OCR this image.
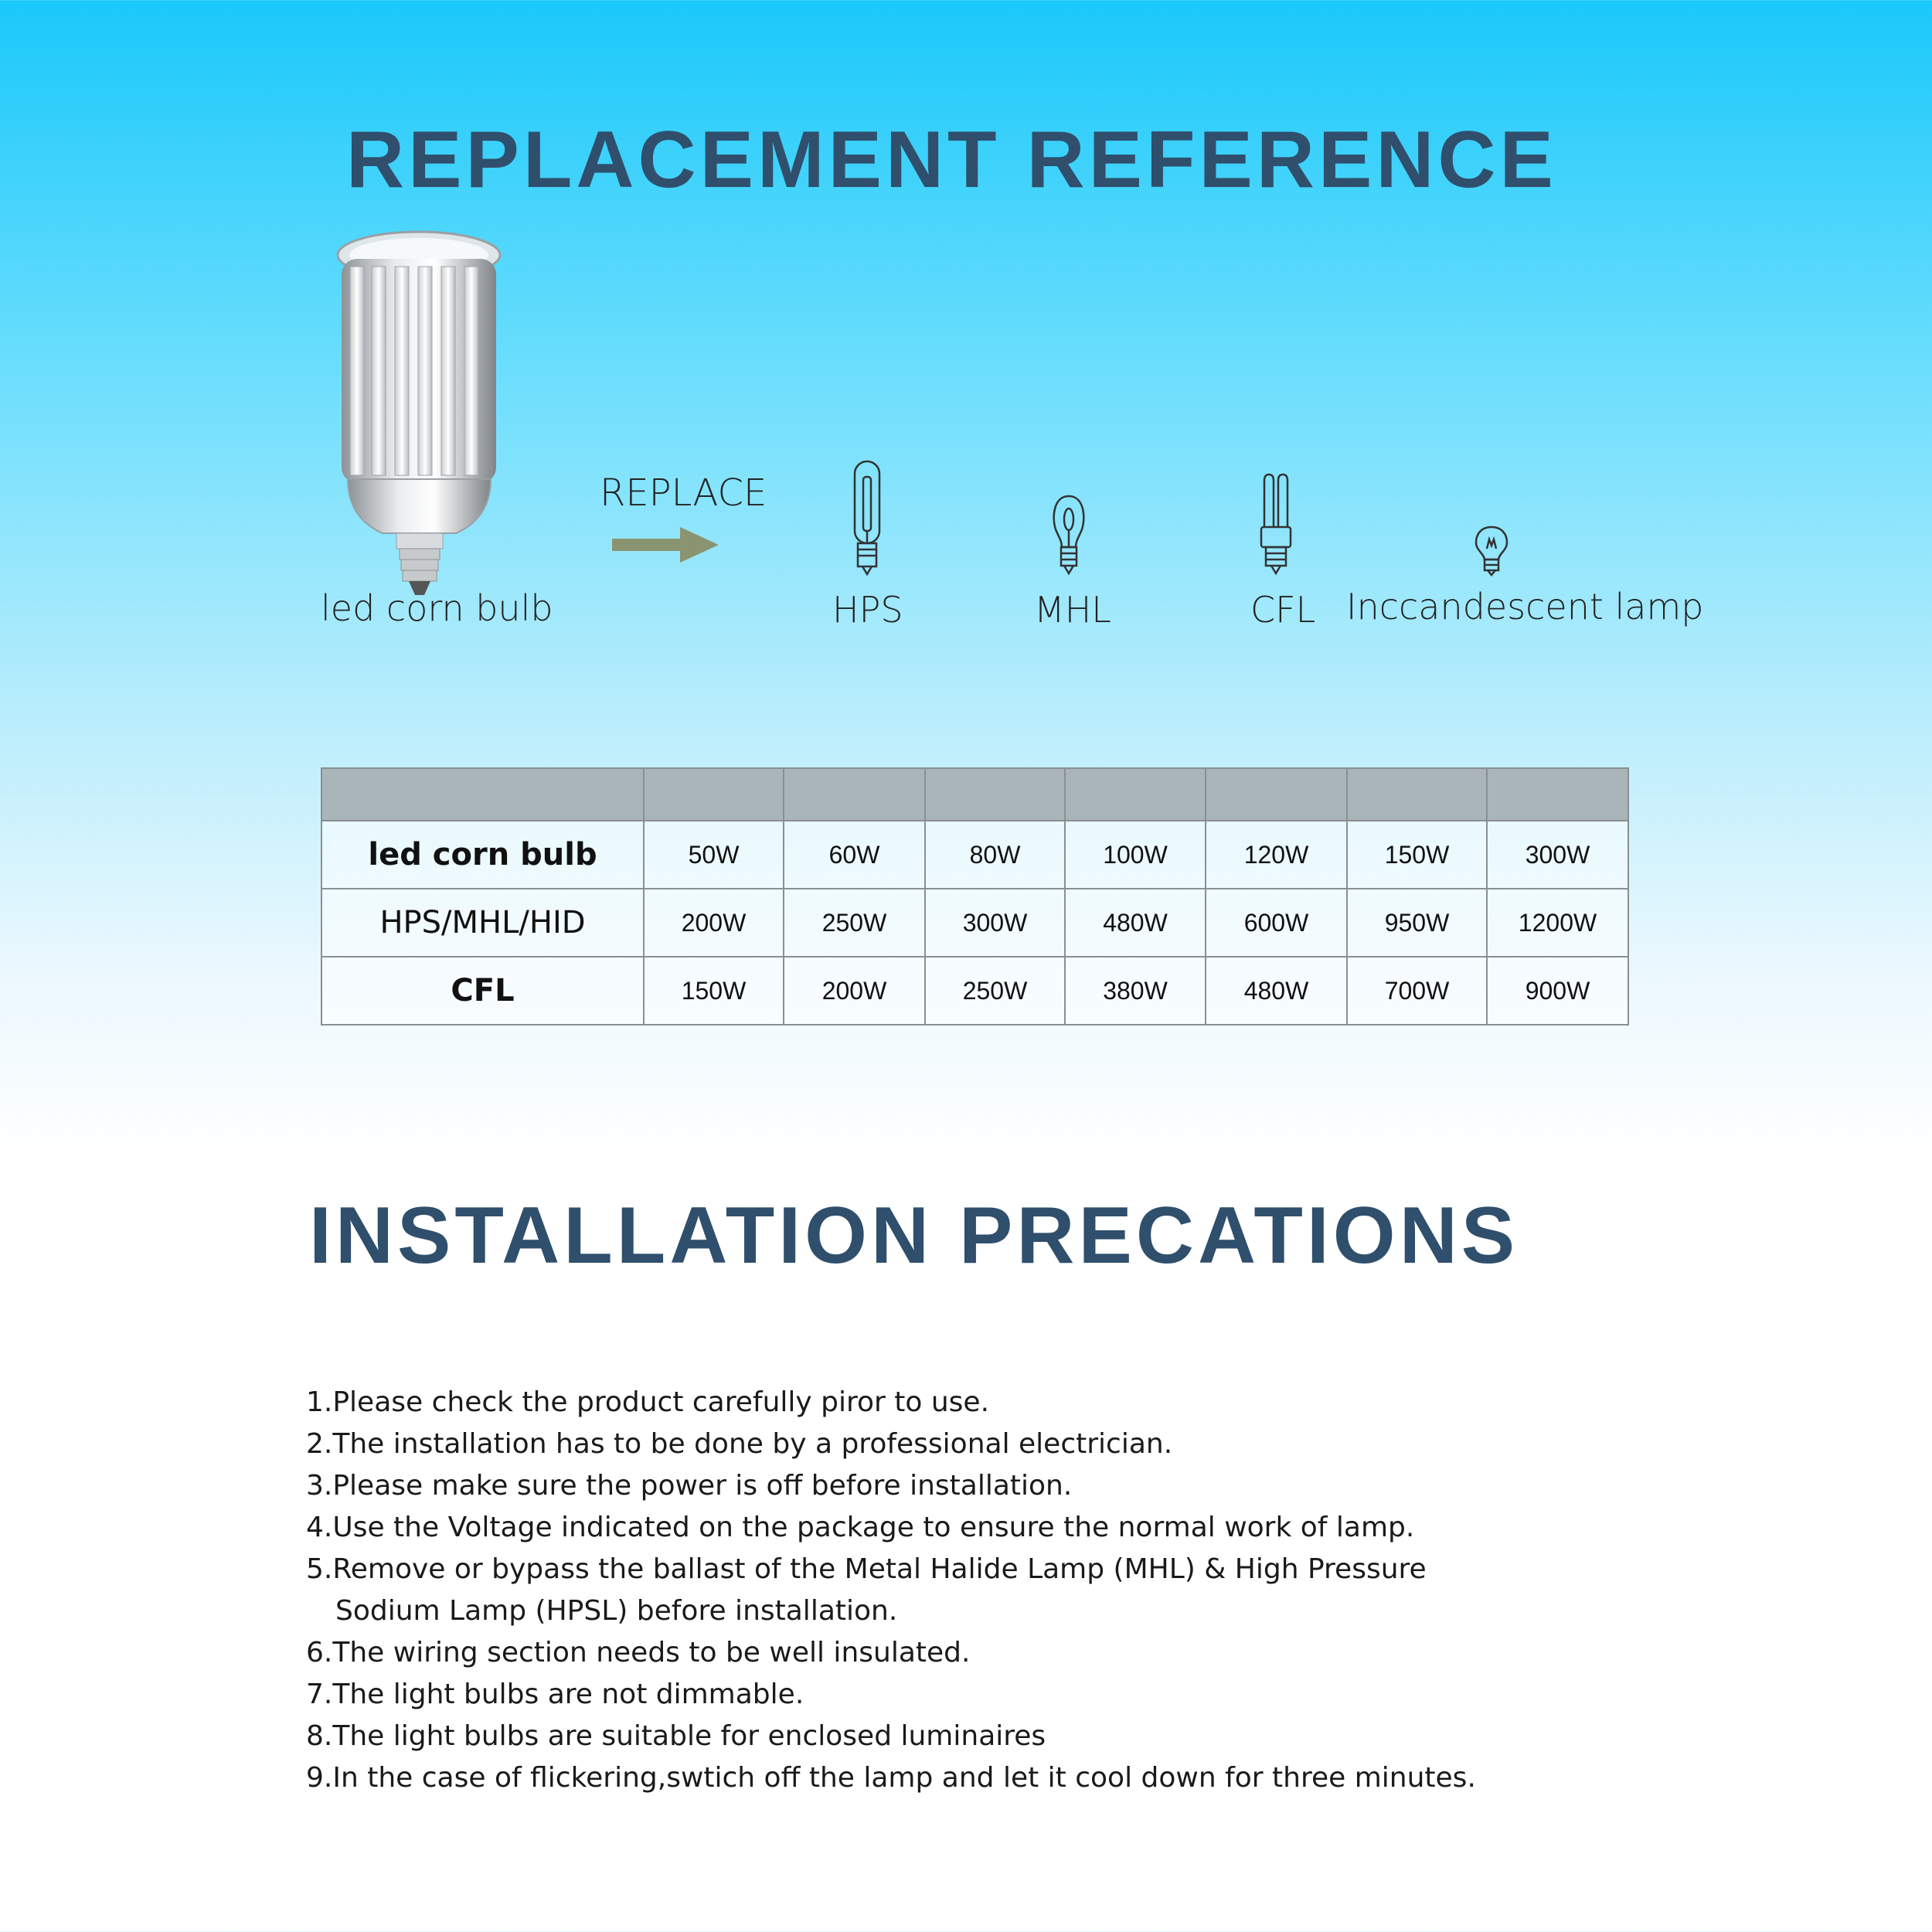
REPLACEMENT REFERENCE
led corn bulb
REPLACE
HPS	MHL	CFL Inccandescent lamp

led corn bulb	50W	60W	80W	100W	120W	150W	300W
HPS/MHL/HID	200W	250W	300W	480W	600W	950W	1200W
CFL	150W	200W	250W	380W	480W	700W	900W
INSTALLATION PRECATIONS
1.Please check the product carefully piror to use.
2.The installation has to be done by a professional electrician.
3.Please make sure the power is off before installation.
4.Use the Voltage indicated on the package to ensure the normal work of lamp.
5.Remove or bypass the ballast of the Metal Halide Lamp (MHL) & High Pressure
Sodium Lamp (HPSL) before installation.
6.The wiring section needs to be well insulated.
7.The light bulbs are not dimmable.
8.The light bulbs are suitable for enclosed luminaires
9.In the case of flickering,swtich off the lamp and let it cool down for three minutes.
